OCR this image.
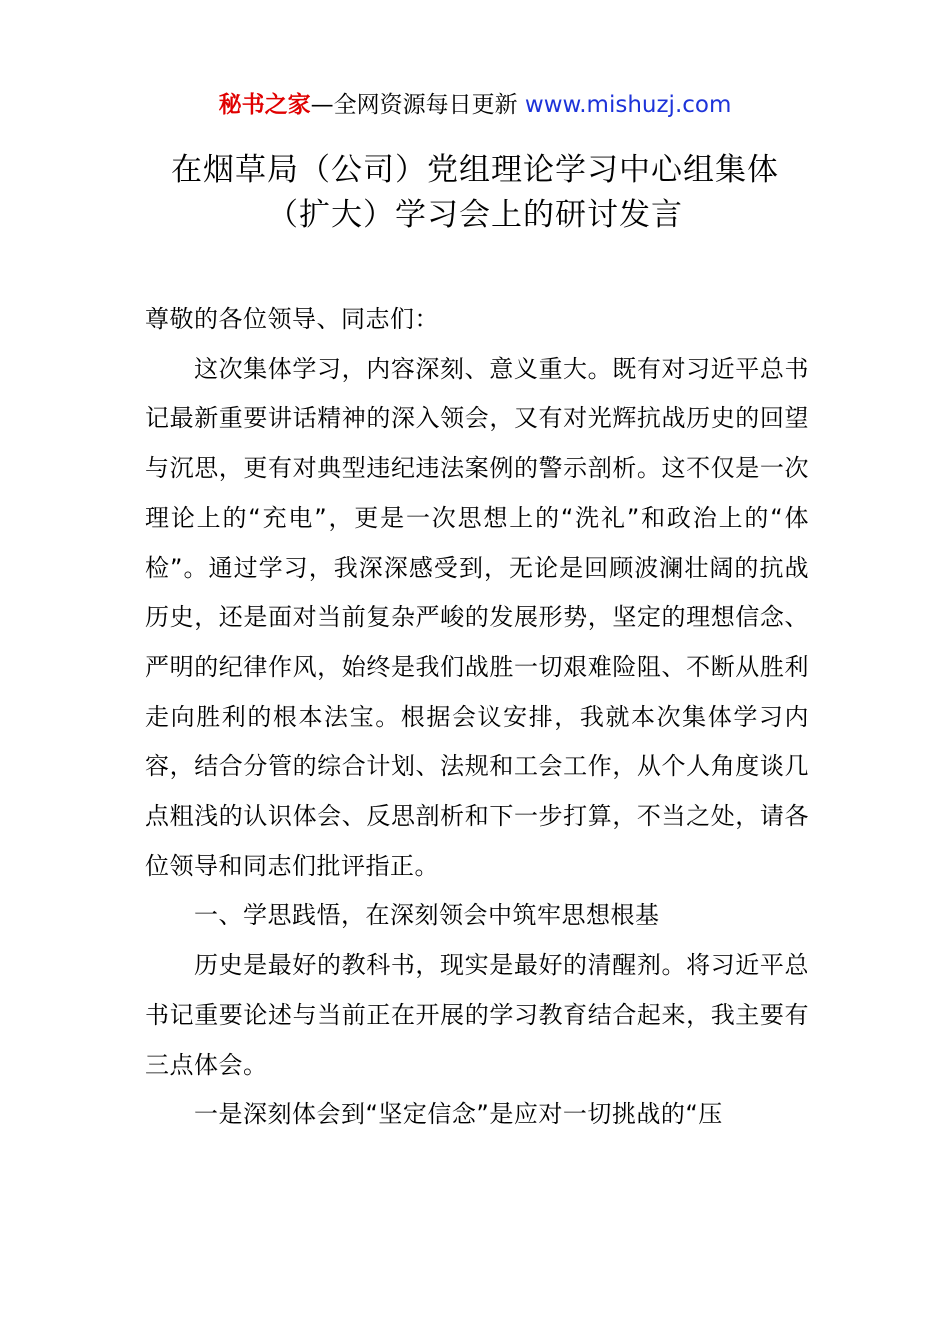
秘书之家—全网资源每日更新 www.mishuzj.com
在烟草局（公司）党组理论学习中心组集体
（扩大）学习会上的研讨发言

尊敬的各位领导、同志们：

这次集体学习，内容深刻、意义重大。既有对习近平总书记最新重要讲话精神的深入领会，又有对光辉抗战历史的回望与沉思，更有对典型违纪违法案例的警示剖析。这不仅是一次理论上的“充电”，更是一次思想上的“洗礼”和政治上的“体检”。通过学习，我深深感受到，无论是回顾波澜壮阔的抗战历史，还是面对当前复杂严峻的发展形势，坚定的理想信念、严明的纪律作风，始终是我们战胜一切艰难险阻、不断从胜利走向胜利的根本法宝。根据会议安排，我就本次集体学习内容，结合分管的综合计划、法规和工会工作，从个人角度谈几点粗浅的认识体会、反思剖析和下一步打算，不当之处，请各位领导和同志们批评指正。

一、学思践悟，在深刻领会中筑牢思想根基

历史是最好的教科书，现实是最好的清醒剂。将习近平总书记重要论述与当前正在开展的学习教育结合起来，我主要有三点体会。

一是深刻体会到“坚定信念”是应对一切挑战的“压
